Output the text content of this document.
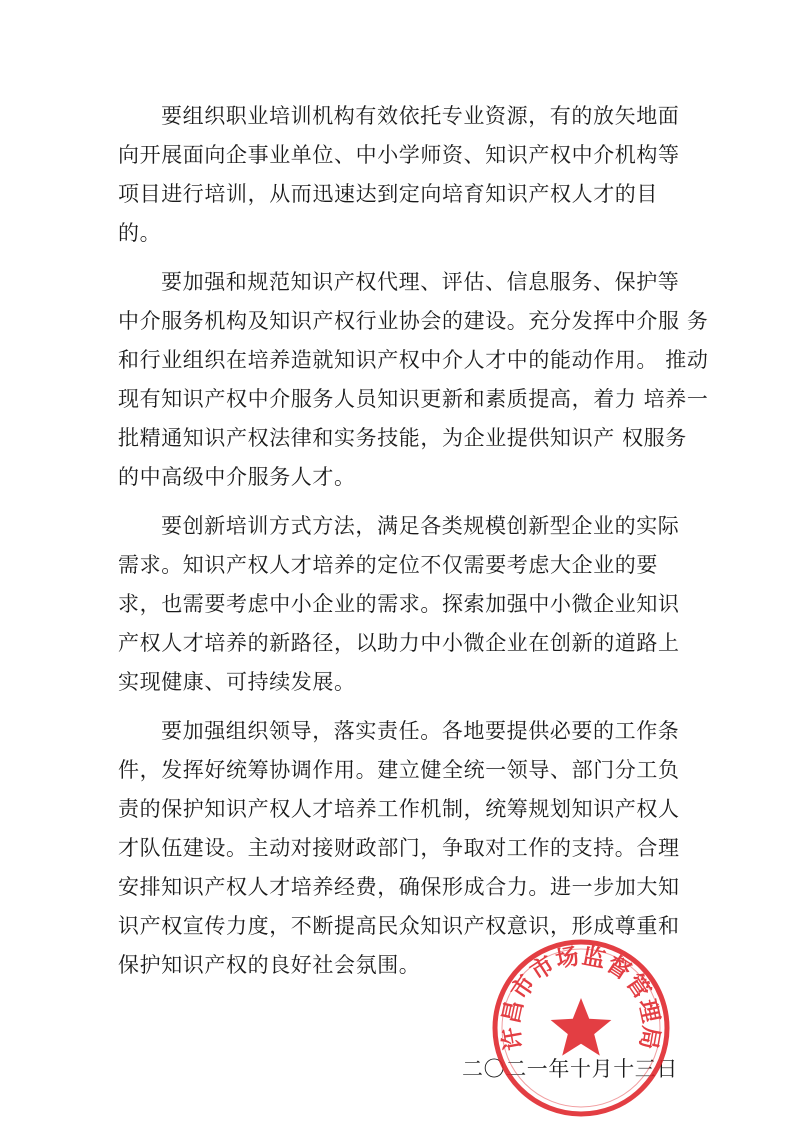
要组织职业培训机构有效依托专业资源，有的放矢地面
向开展面向企事业单位、中小学师资、知识产权中介机构等
项目进行培训，从而迅速达到定向培育知识产权人才的目
的。
要加强和规范知识产权代理、评估、信息服务、保护等
中介服务机构及知识产权行业协会的建设。充分发挥中介服 务
和行业组织在培养造就知识产权中介人才中的能动作用。 推动
现有知识产权中介服务人员知识更新和素质提高，着力 培养一
批精通知识产权法律和实务技能，为企业提供知识产 权服务
的中高级中介服务人才。
要创新培训方式方法，满足各类规模创新型企业的实际
需求。知识产权人才培养的定位不仅需要考虑大企业的要
求，也需要考虑中小企业的需求。探索加强中小微企业知识
产权人才培养的新路径，以助力中小微企业在创新的道路上
实现健康、可持续发展。
要加强组织领导，落实责任。各地要提供必要的工作条
件，发挥好统筹协调作用。建立健全统一领导、部门分工负
责的保护知识产权人才培养工作机制，统筹规划知识产权人
才队伍建设。主动对接财政部门，争取对工作的支持。合理
安排知识产权人才培养经费，确保形成合力。进一步加大知
识产权宣传力度，不断提高民众知识产权意识，形成尊重和
保护知识产权的良好社会氛围。
二〇二一年十月十三日
许昌市市场监督管理局
